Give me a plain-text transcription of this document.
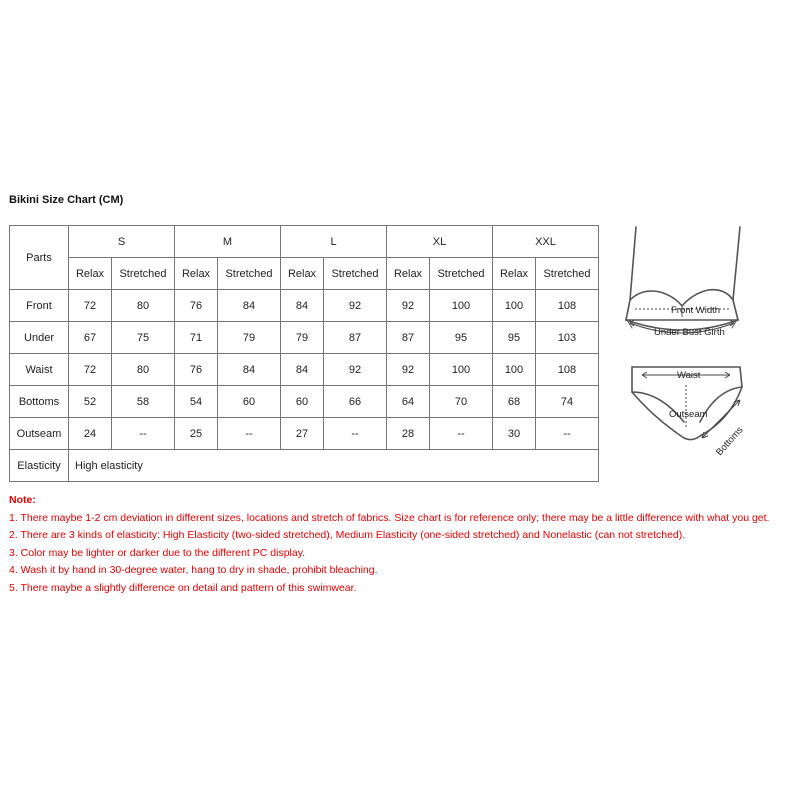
Bikini Size Chart (CM)
Parts	S		M		L		XL		XXL	
	Relax	Stretched	Relax	Stretched	Relax	Stretched	Relax	Stretched	Relax	Stretched
Front	72	80	76	84	84	92	92	100	100	108
Under	67	75	71	79	79	87	87	95	95	103
Waist	72	80	76	84	84	92	92	100	100	108
Bottoms	52	58	54	60	60	66	64	70	68	74
Outseam	24	--	25	--	27	--	28	--	30	--
Elasticity	High elasticity									
Front Width
Under Bust Girth
Waist
Outseam
Bottoms
Note:
1. There maybe 1-2 cm deviation in different sizes, locations and stretch of fabrics. Size chart is for reference only; there may be a little difference with what you get.
2. There are 3 kinds of elasticity: High Elasticity (two-sided stretched), Medium Elasticity (one-sided stretched) and Nonelastic (can not stretched).
3. Color may be lighter or darker due to the different PC display.
4. Wash it by hand in 30-degree water, hang to dry in shade, prohibit bleaching.
5. There maybe a slightly difference on detail and pattern of this swimwear.
